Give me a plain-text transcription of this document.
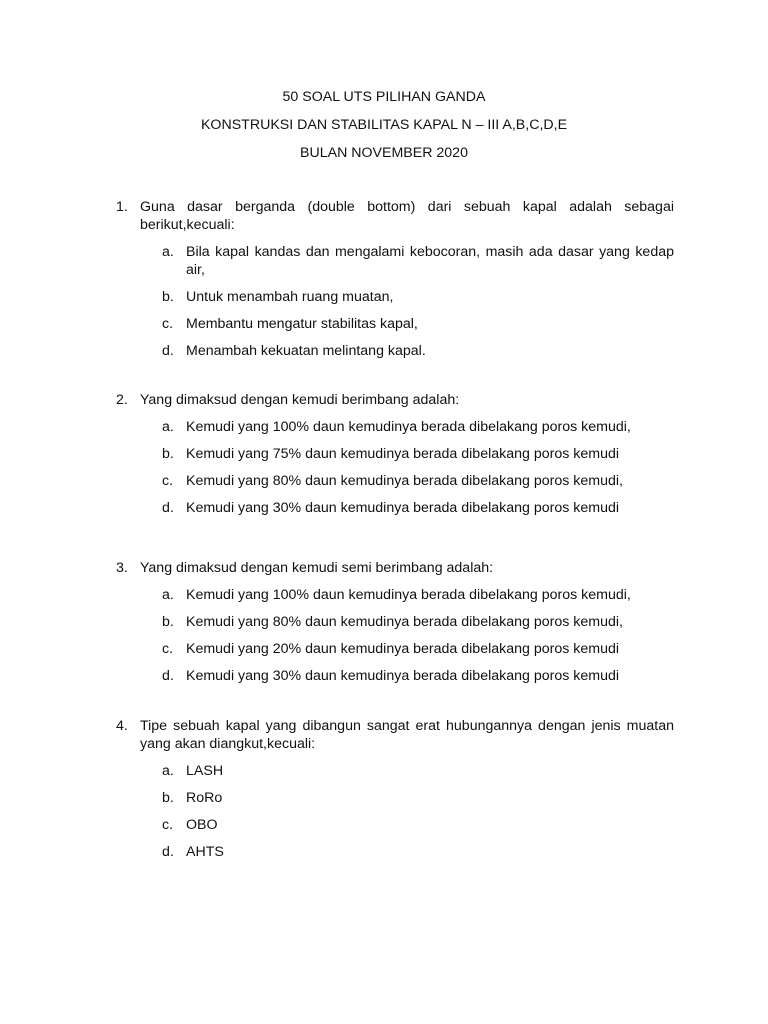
50 SOAL UTS PILIHAN GANDA
KONSTRUKSI DAN STABILITAS KAPAL N – III A,B,C,D,E
BULAN NOVEMBER 2020
1. Guna dasar berganda (double bottom) dari sebuah kapal adalah sebagai berikut,kecuali:
a. Bila kapal kandas dan mengalami kebocoran, masih ada dasar yang kedap air,
b. Untuk menambah ruang muatan,
c. Membantu mengatur stabilitas kapal,
d. Menambah kekuatan melintang kapal.
2. Yang dimaksud dengan kemudi berimbang adalah:
a. Kemudi yang 100% daun kemudinya berada dibelakang poros kemudi,
b. Kemudi yang 75% daun kemudinya berada dibelakang poros kemudi
c. Kemudi yang 80% daun kemudinya berada dibelakang poros kemudi,
d. Kemudi yang 30% daun kemudinya berada dibelakang poros kemudi
3. Yang dimaksud dengan kemudi semi berimbang adalah:
a. Kemudi yang 100% daun kemudinya berada dibelakang poros kemudi,
b. Kemudi yang 80% daun kemudinya berada dibelakang poros kemudi,
c. Kemudi yang 20% daun kemudinya berada dibelakang poros kemudi
d. Kemudi yang 30% daun kemudinya berada dibelakang poros kemudi
4. Tipe sebuah kapal yang dibangun sangat erat hubungannya dengan jenis muatan yang akan diangkut,kecuali:
a. LASH
b. RoRo
c. OBO
d. AHTS
